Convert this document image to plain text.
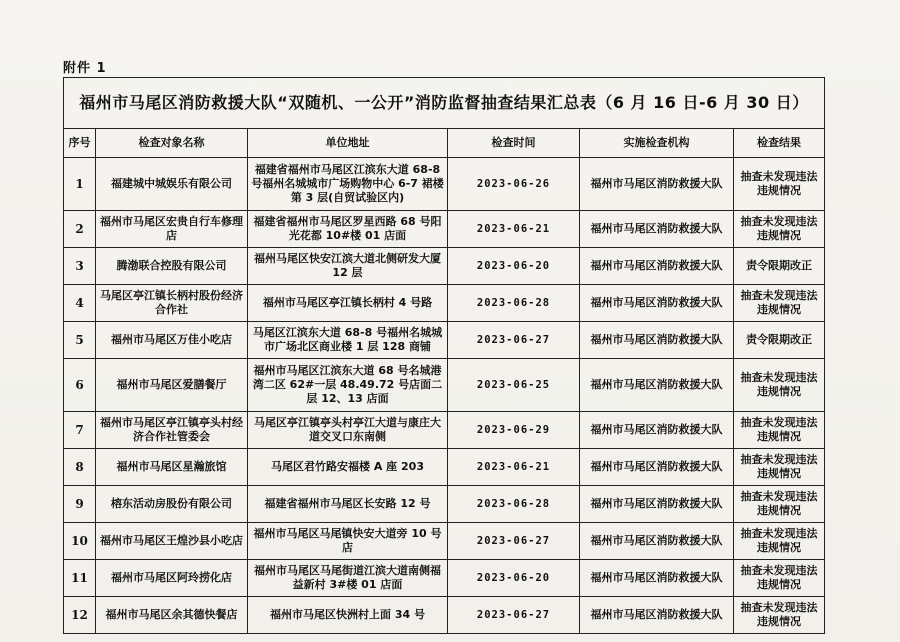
附件 1
福州市马尾区消防救援大队“双随机、一公开”消防监督抽查结果汇总表（6 月 16 日-6 月 30 日）					
序号	检查对象名称	单位地址	检查时间	实施检查机构	检查结果
1	福建城中城娱乐有限公司	福建省福州市马尾区江滨东大道 68-8 号福州名城城市广场购物中心 6-7 裙楼第 3 层(自贸试验区内)	2023-06-26	福州市马尾区消防救援大队	抽查未发现违法违规情况
2	福州市马尾区宏贵自行车修理店	福建省福州市马尾区罗星西路 68 号阳光花都 10#楼 01 店面	2023-06-21	福州市马尾区消防救援大队	抽查未发现违法违规情况
3	腾渤联合控股有限公司	福州马尾区快安江滨大道北侧研发大厦 12 层	2023-06-20	福州市马尾区消防救援大队	责令限期改正
4	马尾区亭江镇长柄村股份经济合作社	福州市马尾区亭江镇长柄村 4 号路	2023-06-28	福州市马尾区消防救援大队	抽查未发现违法违规情况
5	福州市马尾区万佳小吃店	马尾区江滨东大道 68-8 号福州名城城市广场北区商业楼 1 层 128 商铺	2023-06-27	福州市马尾区消防救援大队	责令限期改正
6	福州市马尾区爱膳餐厅	福州市马尾区江滨东大道 68 号名城港湾二区 62#一层 48.49.72 号店面二层 12、13 店面	2023-06-25	福州市马尾区消防救援大队	抽查未发现违法违规情况
7	福州市马尾区亭江镇亭头村经济合作社管委会	马尾区亭江镇亭头村亭江大道与康庄大道交叉口东南侧	2023-06-29	福州市马尾区消防救援大队	抽查未发现违法违规情况
8	福州市马尾区星瀚旅馆	马尾区君竹路安福楼 A 座 203	2023-06-21	福州市马尾区消防救援大队	抽查未发现违法违规情况
9	榕东活动房股份有限公司	福建省福州市马尾区长安路 12 号	2023-06-28	福州市马尾区消防救援大队	抽查未发现违法违规情况
10	福州市马尾区王煌沙县小吃店	福州市马尾区马尾镇快安大道旁 10 号店	2023-06-27	福州市马尾区消防救援大队	抽查未发现违法违规情况
11	福州市马尾区阿玲捞化店	福州市马尾区马尾街道江滨大道南侧福益新村 3#楼 01 店面	2023-06-20	福州市马尾区消防救援大队	抽查未发现违法违规情况
12	福州市马尾区余其德快餐店	福州市马尾区快洲村上面 34 号	2023-06-27	福州市马尾区消防救援大队	抽查未发现违法违规情况
